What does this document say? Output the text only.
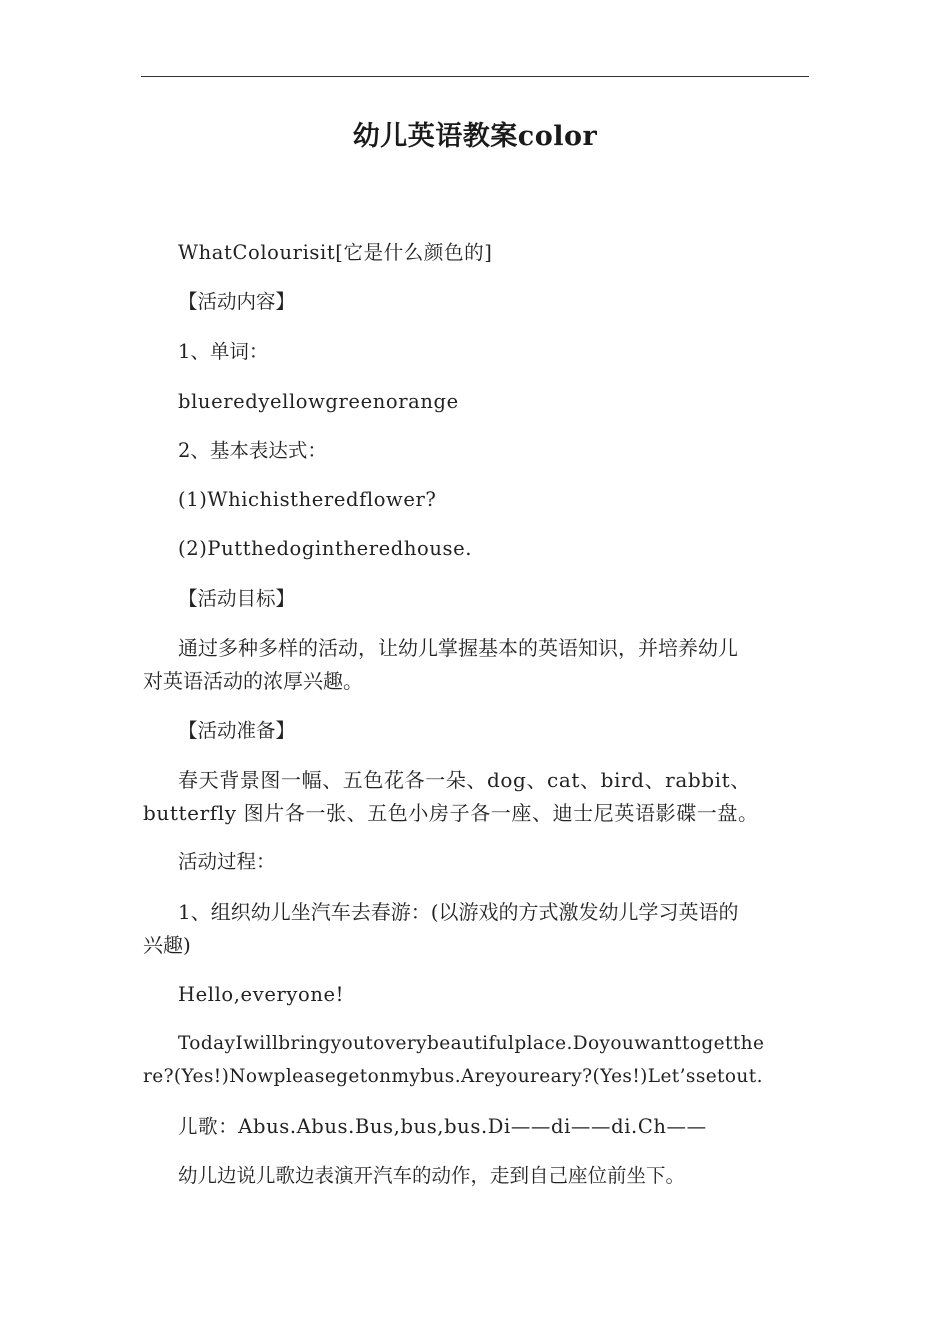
幼儿英语教案color
WhatColourisit[它是什么颜色的]
【活动内容】
1、单词：
blueredyellowgreenorange
2、基本表达式：
(1)Whichistheredflower?
(2)Putthedogintheredhouse.
【活动目标】
通过多种多样的活动，让幼儿掌握基本的英语知识，并培养幼儿
对英语活动的浓厚兴趣。
【活动准备】
春天背景图一幅、五色花各一朵、dog、cat、bird、rabbit、
butterfly 图片各一张、五色小房子各一座、迪士尼英语影碟一盘。
活动过程：
1、组织幼儿坐汽车去春游：(以游戏的方式激发幼儿学习英语的
兴趣)
Hello,everyone!
TodayIwillbringyoutoverybeautifulplace.Doyouwanttogetthe
re?(Yes!)Nowpleasegetonmybus.Areyoureary?(Yes!)Let’ssetout.
儿歌：Abus.Abus.Bus,bus,bus.Di——di——di.Ch——
幼儿边说儿歌边表演开汽车的动作，走到自己座位前坐下。
